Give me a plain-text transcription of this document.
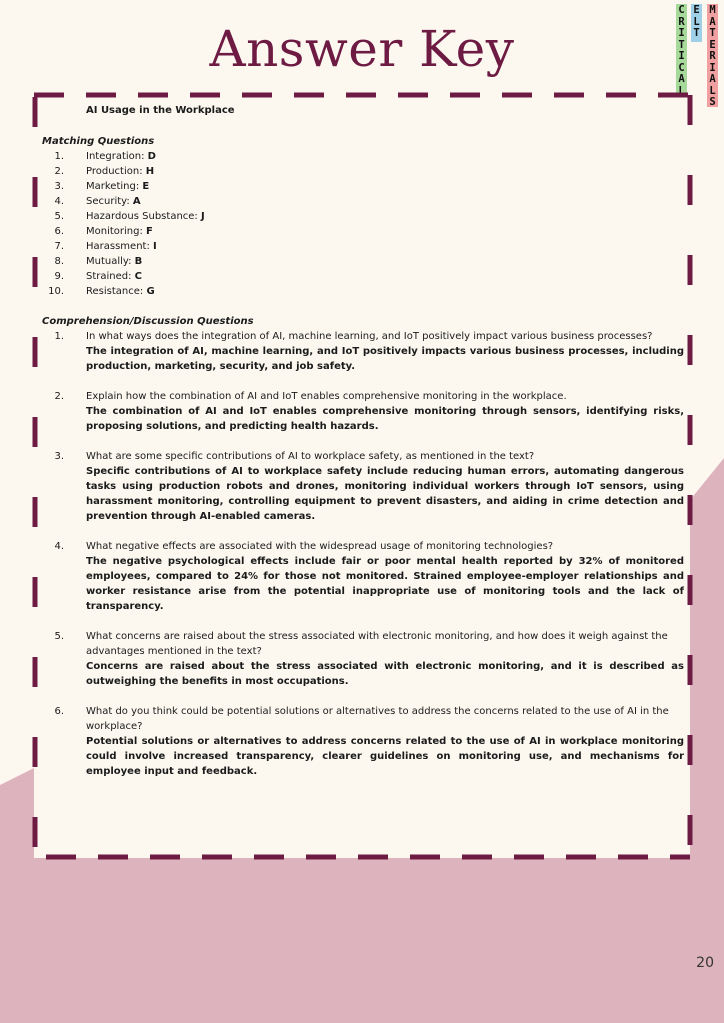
Answer Key
C
R
I
T
I
C
A
L
E
L
T
M
A
T
E
R
I
A
L
S
AI Usage in the Workplace
Matching Questions
1.	Integration: D
2.	Production: H
3.	Marketing: E
4.	Security: A
5.	Hazardous Substance: J
6.	Monitoring: F
7.	Harassment: I
8.	Mutually: B
9.	Strained: C
10.	Resistance: G
Comprehension/Discussion Questions
1.	In what ways does the integration of AI, machine learning, and IoT positively impact various business processes?
The integration of AI, machine learning, and IoT positively impacts various business processes, including production, marketing, security, and job safety.
2.	Explain how the combination of AI and IoT enables comprehensive monitoring in the workplace.
The combination of AI and IoT enables comprehensive monitoring through sensors, identifying risks, proposing solutions, and predicting health hazards.
3.	What are some specific contributions of AI to workplace safety, as mentioned in the text?
Specific contributions of AI to workplace safety include reducing human errors, automating dangerous tasks using production robots and drones, monitoring individual workers through IoT sensors, using harassment monitoring, controlling equipment to prevent disasters, and aiding in crime detection and prevention through AI-enabled cameras.
4.	What negative effects are associated with the widespread usage of monitoring technologies?
The negative psychological effects include fair or poor mental health reported by 32% of monitored employees, compared to 24% for those not monitored. Strained employee-employer relationships and worker resistance arise from the potential inappropriate use of monitoring tools and the lack of transparency.
5.	What concerns are raised about the stress associated with electronic monitoring, and how does it weigh against the advantages mentioned in the text?
Concerns are raised about the stress associated with electronic monitoring, and it is described as outweighing the benefits in most occupations.
6.	What do you think could be potential solutions or alternatives to address the concerns related to the use of AI in the workplace?
Potential solutions or alternatives to address concerns related to the use of AI in workplace monitoring could involve increased transparency, clearer guidelines on monitoring use, and mechanisms for employee input and feedback.
20
